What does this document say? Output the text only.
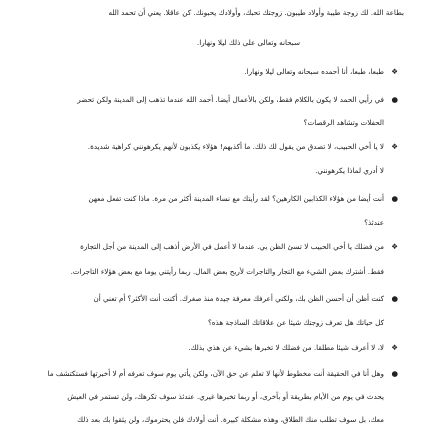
بطاعة الله. لك زوجة طيبة وأولاد طيبون. زوجتك تحبك، وأولادك يحبونك. كن عاقلا. يعني أن تحمد الله
سبحانه وتعالى على ذلك ليلا ونهارا.
❖
طبعا، طبعا، أنا أحمده سبحانه وتعالى ليلا ونهارا.
●
في رأيي الحمد لا يكون بالكلام فقط، ولكن بالأعمال أيضا. أحمد الله عندما تذهب إلى المدينة ولكن تحضر
الحفلات وتشاهد الرقصات؟
❖
لا يا أخي الحبيب، لا تصدق من يقول لك ذلك. ما أكذبهم! هؤلاء يكذبون لأنهم يكرهونني كراهية شديدة.
لا أدري لماذا يكرهونني.
●
أنت أيضا من هؤلاء الكذابين الكارهين؟ لقد رأيتك مع نساء المدينة أكثر من مرة. ماذا كنت تفعل معهن
عندئذ؟
❖
من فضلك يا أخي الحبيب لا تسئ الظن بي. عندما لا أعمل في الأرض أذهب إلى المدينة من أجل التجارة
فقط. أشترك بعض الشيء مع التجار والتاجرات لأربح بعض المال. ربما رأيتني يوما مع بعض هؤلاء التاجرات.
●
كنت أظن أن أحسن الظن بك، ولكني أعرفك معرفة جيدة منذ صغرك. أكنت أنت الأكثر؟ أم تعني أن
كل حياتك هل تعرف زوجتك شيئا عن علاقاتك الساذجة هذه؟
❖
لا، لا أعرف شيئا مطلقا. من فضلك لا تخبرها بشيء عن هذي بذلك.
●
وهل أنا في الحقيقة أنت مخطوط لأنها لا تعلم عن حق الآن، ولكن يأتي يوم سوف تعرفه أم لا أخبرتها فستكتشف ما
يحدث في يوم من الأيام بطريقة أو بأخرى، أو ربما تخبرها غيري. عندئذ سوف تكرهك، ولن تستمر في العيش
معك، بل سوف تطلب منك الطلاق، وهذه مشكلة كبيرة. أنت أولادك فلن يحترموك، ولن يثقوا بك بعد ذلك
